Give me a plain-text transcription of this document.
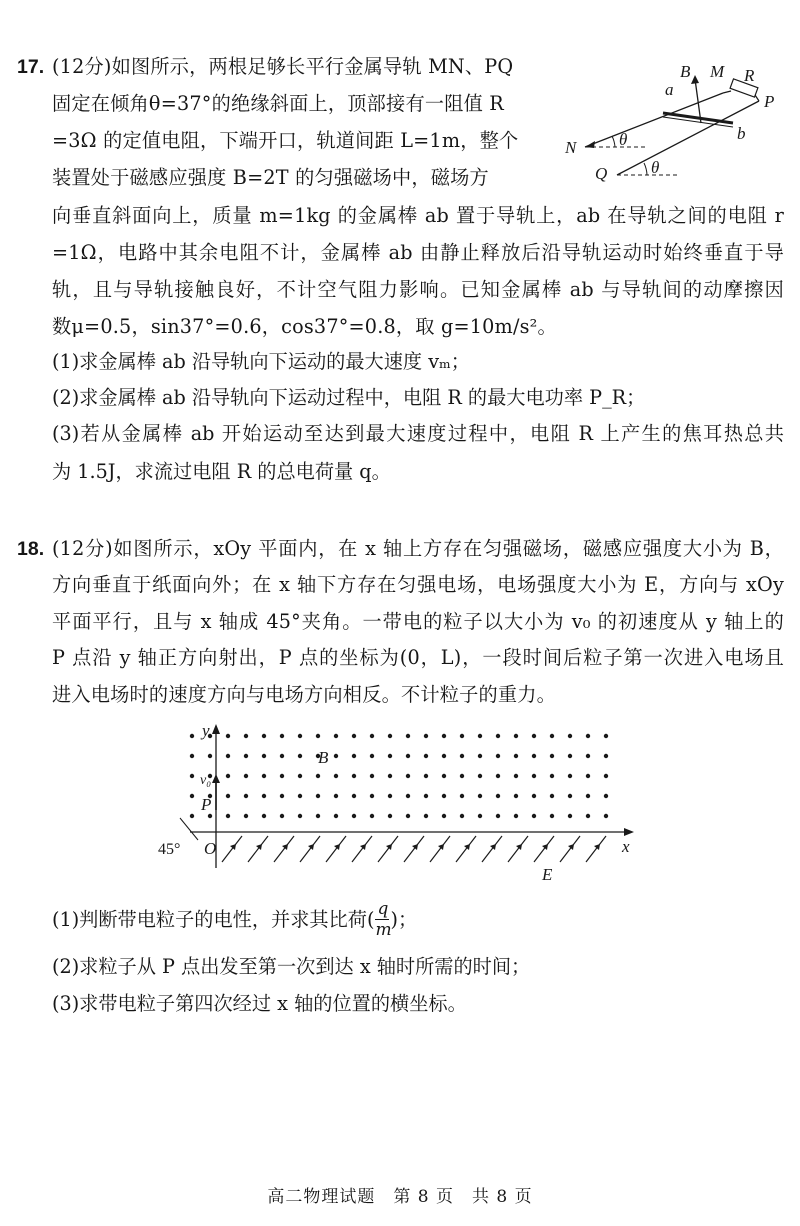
17. (12分)如图所示，两根足够长平行金属导轨 MN、PQ
固定在倾角θ=37°的绝缘斜面上，顶部接有一阻值 R
=3Ω 的定值电阻，下端开口，轨道间距 L=1m，整个
装置处于磁感应强度 B=2T 的匀强磁场中，磁场方
向垂直斜面向上，质量 m=1kg 的金属棒 ab 置于导轨上，ab 在导轨之间的电阻 r
=1Ω，电路中其余电阻不计，金属棒 ab 由静止释放后沿导轨运动时始终垂直于导
轨，且与导轨接触良好，不计空气阻力影响。已知金属棒 ab 与导轨间的动摩擦因
数μ=0.5，sin37°=0.6，cos37°=0.8，取 g=10m/s²。
(1)求金属棒 ab 沿导轨向下运动的最大速度 vₘ；
(2)求金属棒 ab 沿导轨向下运动过程中，电阻 R 的最大电功率 P_R；
(3)若从金属棒 ab 开始运动至达到最大速度过程中，电阻 R 上产生的焦耳热总共
为 1.5J，求流过电阻 R 的总电荷量 q。
B M R
P
a
b
N
Q
θ
θ
18. (12分)如图所示，xOy 平面内，在 x 轴上方存在匀强磁场，磁感应强度大小为 B，
方向垂直于纸面向外；在 x 轴下方存在匀强电场，电场强度大小为 E，方向与 xOy
平面平行，且与 x 轴成 45°夹角。一带电的粒子以大小为 v₀ 的初速度从 y 轴上的
P 点沿 y 轴正方向射出，P 点的坐标为(0，L)，一段时间后粒子第一次进入电场且
进入电场时的速度方向与电场方向相反。不计粒子的重力。
y
x
O
B
v₀
P
E
45°
(1)判断带电粒子的电性，并求其比荷( $\frac{q}{m}$ )；
(2)求粒子从 P 点出发至第一次到达 x 轴时所需的时间；
(3)求带电粒子第四次经过 x 轴的位置的横坐标。
高二物理试题　第 8 页　共 8 页
